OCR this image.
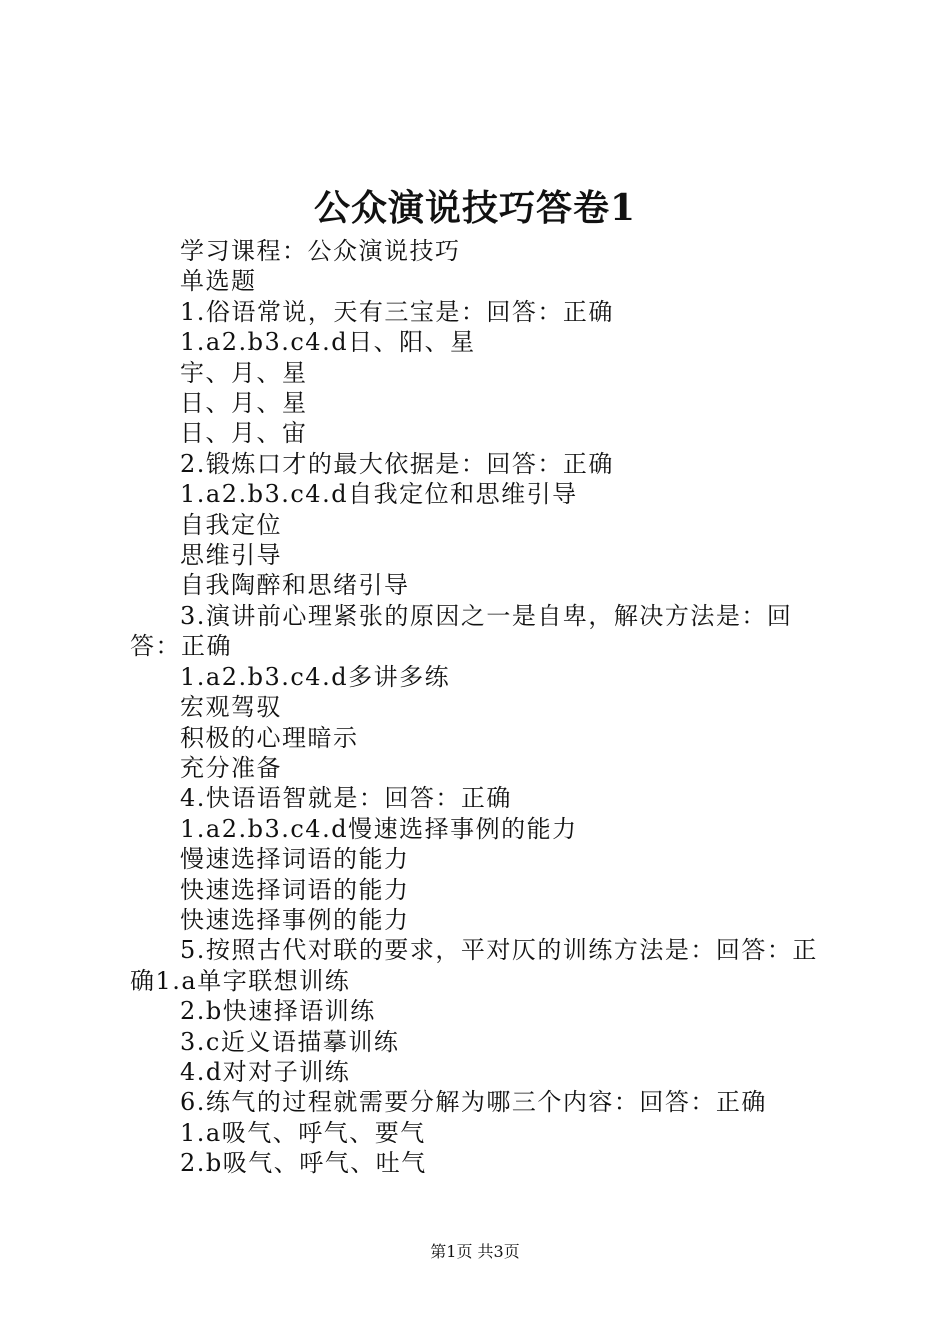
公众演说技巧答卷1
学习课程：公众演说技巧
单选题
1.俗语常说，天有三宝是：回答：正确
1.a2.b3.c4.d日、阳、星
宇、月、星
日、月、星
日、月、宙
2.锻炼口才的最大依据是：回答：正确
1.a2.b3.c4.d自我定位和思维引导
自我定位
思维引导
自我陶醉和思绪引导
3.演讲前心理紧张的原因之一是自卑，解决方法是：回答：正确
1.a2.b3.c4.d多讲多练
宏观驾驭
积极的心理暗示
充分准备
4.快语语智就是：回答：正确
1.a2.b3.c4.d慢速选择事例的能力
慢速选择词语的能力
快速选择词语的能力
快速选择事例的能力
5.按照古代对联的要求，平对仄的训练方法是：回答：正确1.a单字联想训练
2.b快速择语训练
3.c近义语描摹训练
4.d对对子训练
6.练气的过程就需要分解为哪三个内容：回答：正确
1.a吸气、呼气、要气
2.b吸气、呼气、吐气
第1页 共3页
